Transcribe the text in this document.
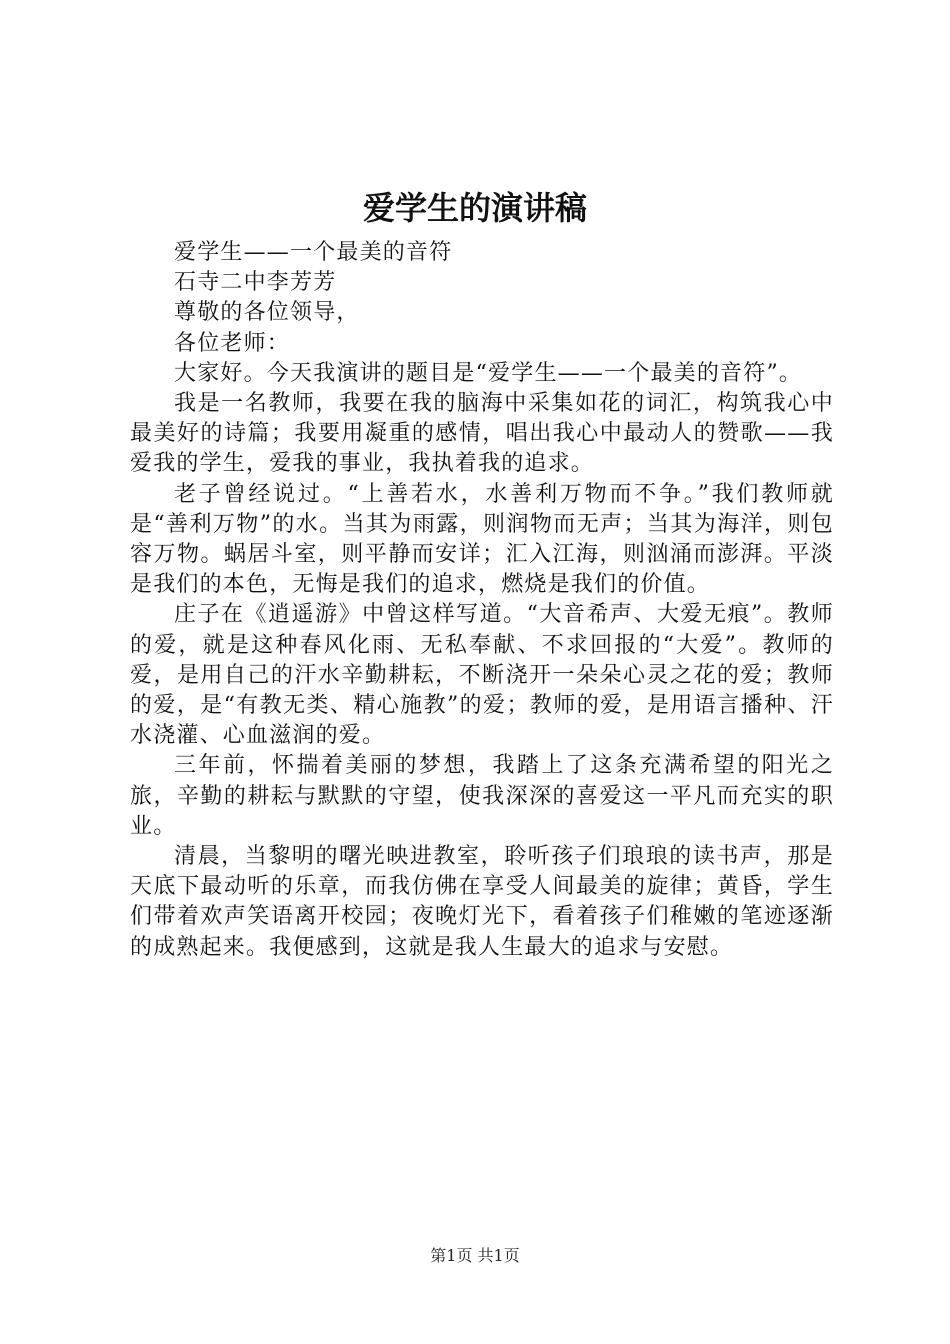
爱学生的演讲稿

爱学生——一个最美的音符

石寺二中李芳芳

尊敬的各位领导，

各位老师：

大家好。今天我演讲的题目是“爱学生——一个最美的音符”。

我是一名教师，我要在我的脑海中采集如花的词汇，构筑我心中最美好的诗篇；我要用凝重的感情，唱出我心中最动人的赞歌——我爱我的学生，爱我的事业，我执着我的追求。

老子曾经说过。“上善若水，水善利万物而不争。”我们教师就是“善利万物”的水。当其为雨露，则润物而无声；当其为海洋，则包容万物。蜗居斗室，则平静而安详；汇入江海，则汹涌而澎湃。平淡是我们的本色，无悔是我们的追求，燃烧是我们的价值。

庄子在《逍遥游》中曾这样写道。“大音希声、大爱无痕”。教师的爱，就是这种春风化雨、无私奉献、不求回报的“大爱”。教师的爱，是用自己的汗水辛勤耕耘，不断浇开一朵朵心灵之花的爱；教师的爱，是“有教无类、精心施教”的爱；教师的爱，是用语言播种、汗水浇灌、心血滋润的爱。

三年前，怀揣着美丽的梦想，我踏上了这条充满希望的阳光之旅，辛勤的耕耘与默默的守望，使我深深的喜爱这一平凡而充实的职业。

清晨，当黎明的曙光映进教室，聆听孩子们琅琅的读书声，那是天底下最动听的乐章，而我仿佛在享受人间最美的旋律；黄昏，学生们带着欢声笑语离开校园；夜晚灯光下，看着孩子们稚嫩的笔迹逐渐的成熟起来。我便感到，这就是我人生最大的追求与安慰。

第1页 共1页
